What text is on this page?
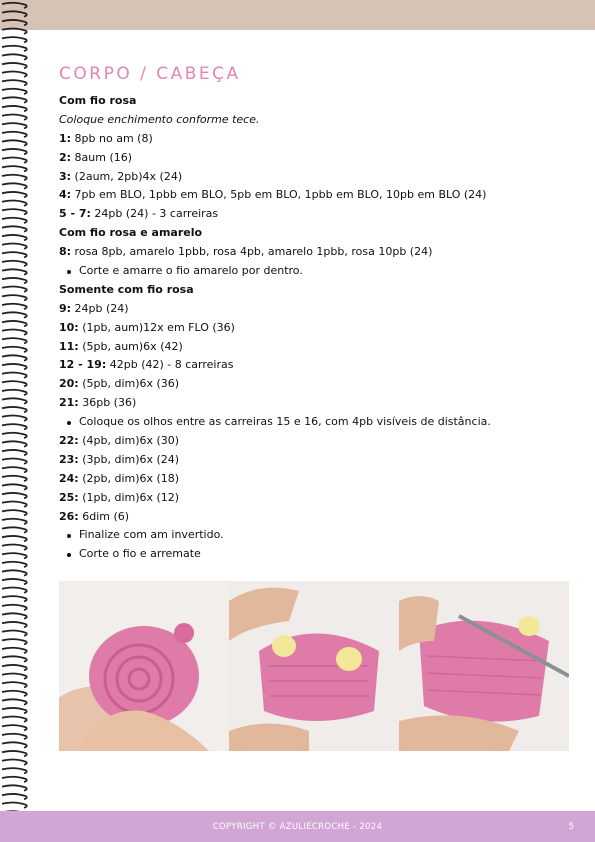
CORPO / CABEÇA
Com fio rosa
Coloque enchimento conforme tece.
1: 8pb no am (8)
2: 8aum (16)
3: (2aum, 2pb)4x (24)
4: 7pb em BLO, 1pbb em BLO, 5pb em BLO, 1pbb em BLO, 10pb em BLO (24)
5 - 7: 24pb (24) - 3 carreiras
Com fio rosa e amarelo
8: rosa 8pb, amarelo 1pbb, rosa 4pb, amarelo 1pbb, rosa 10pb (24)
Corte e amarre o fio amarelo por dentro.
Somente com fio rosa
9: 24pb (24)
10: (1pb, aum)12x em FLO (36)
11: (5pb, aum)6x (42)
12 - 19: 42pb (42) - 8 carreiras
20: (5pb, dim)6x (36)
21: 36pb (36)
Coloque os olhos entre as carreiras 15 e 16, com 4pb visíveis de distância.
22: (4pb, dim)6x (30)
23: (3pb, dim)6x (24)
24: (2pb, dim)6x (18)
25: (1pb, dim)6x (12)
26: 6dim (6)
Finalize com am invertido.
Corte o fio e arremate
COPYRIGHT © AZULIECROCHE - 2024	5
